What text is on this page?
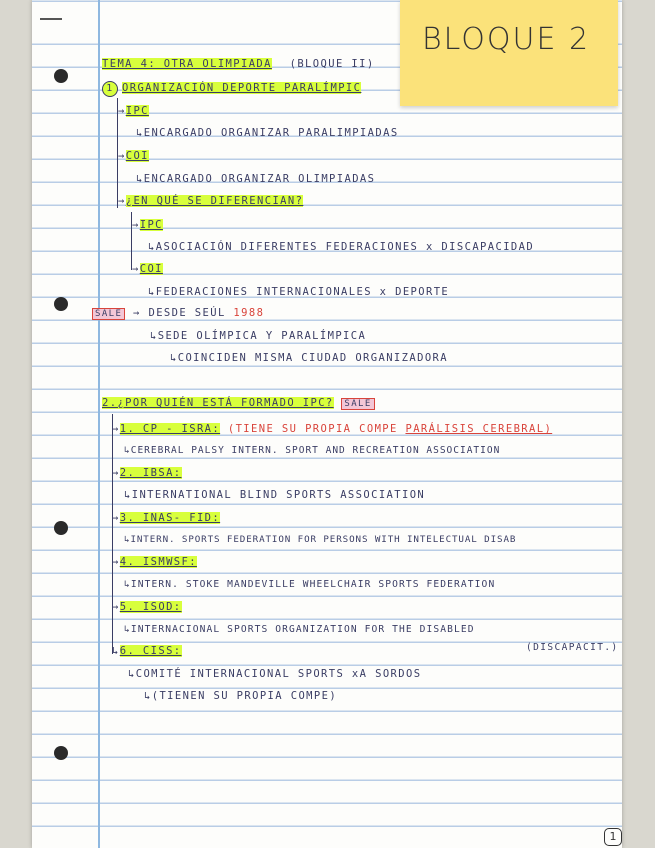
TEMA 4: OTRA OLIMPIADA (BLOQUE II)
1 ORGANIZACIÓN DEPORTE PARALÍMPIC
→IPC
↳ENCARGADO ORGANIZAR PARALIMPIADAS
→COI
↳ENCARGADO ORGANIZAR OLIMPIADAS
→¿EN QUÉ SE DIFERENCIAN?
→IPC
↳ASOCIACIÓN DIFERENTES FEDERACIONES x DISCAPACIDAD
→COI
↳FEDERACIONES INTERNACIONALES x DEPORTE
SALE → DESDE SEÚL 1988
↳SEDE OLÍMPICA Y PARALÍMPICA
↳COINCIDEN MISMA CIUDAD ORGANIZADORA
2.¿POR QUIÉN ESTÁ FORMADO IPC? SALE
→1. CP - ISRA: (TIENE SU PROPIA COMPE PARÁLISIS CEREBRAL)
↳CEREBRAL PALSY INTERN. SPORT AND RECREATION ASSOCIATION
→2. IBSA:
↳INTERNATIONAL BLIND SPORTS ASSOCIATION
→3. INAS- FID:
↳INTERN. SPORTS FEDERATION FOR PERSONS WITH INTELECTUAL DISAB
→4. ISMWSF:
↳INTERN. STOKE MANDEVILLE WHEELCHAIR SPORTS FEDERATION
→5. ISOD:
↳INTERNACIONAL SPORTS ORGANIZATION FOR THE DISABLED
(DISCAPACIT.)
↳6. CISS:
↳COMITÉ INTERNACIONAL SPORTS xA SORDOS
↳(TIENEN SU PROPIA COMPE)
1
BLOQUE 2
